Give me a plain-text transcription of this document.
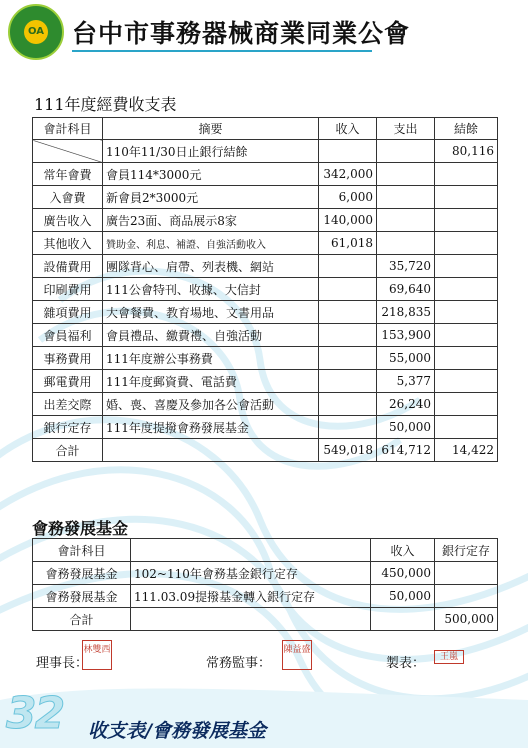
OA 台中市事務器械商業同業公會
111年度經費收支表
會計科目	摘要	收入	支出	結餘
	110年11/30日止銀行結餘			80,116
常年會費	會員114*3000元	342,000		
入會費	新會員2*3000元	6,000		
廣告收入	廣告23面、商品展示8家	140,000		
其他收入	贊助金、利息、補證、自強活動收入	61,018		
設備費用	團隊背心、肩帶、列表機、網站		35,720	
印刷費用	111公會特刊、收據、大信封		69,640	
雜項費用	大會餐費、教育場地、文書用品		218,835	
會員福利	會員禮品、繳費禮、自強活動		153,900	
事務費用	111年度辦公事務費		55,000	
郵電費用	111年度郵資費、電話費		5,377	
出差交際	婚、喪、喜慶及參加各公會活動		26,240	
銀行定存	111年度提撥會務發展基金		50,000	
合計		549,018	614,712	14,422
會務發展基金
會計科目		收入	銀行定存
會務發展基金	102~110年會務基金銀行定存	450,000	
會務發展基金	111.03.09提撥基金轉入銀行定存	50,000	
合計			500,000
理事長：
林雙西
常務監事：
陳益盛
製表：	王嵐
32 收支表/會務發展基金
